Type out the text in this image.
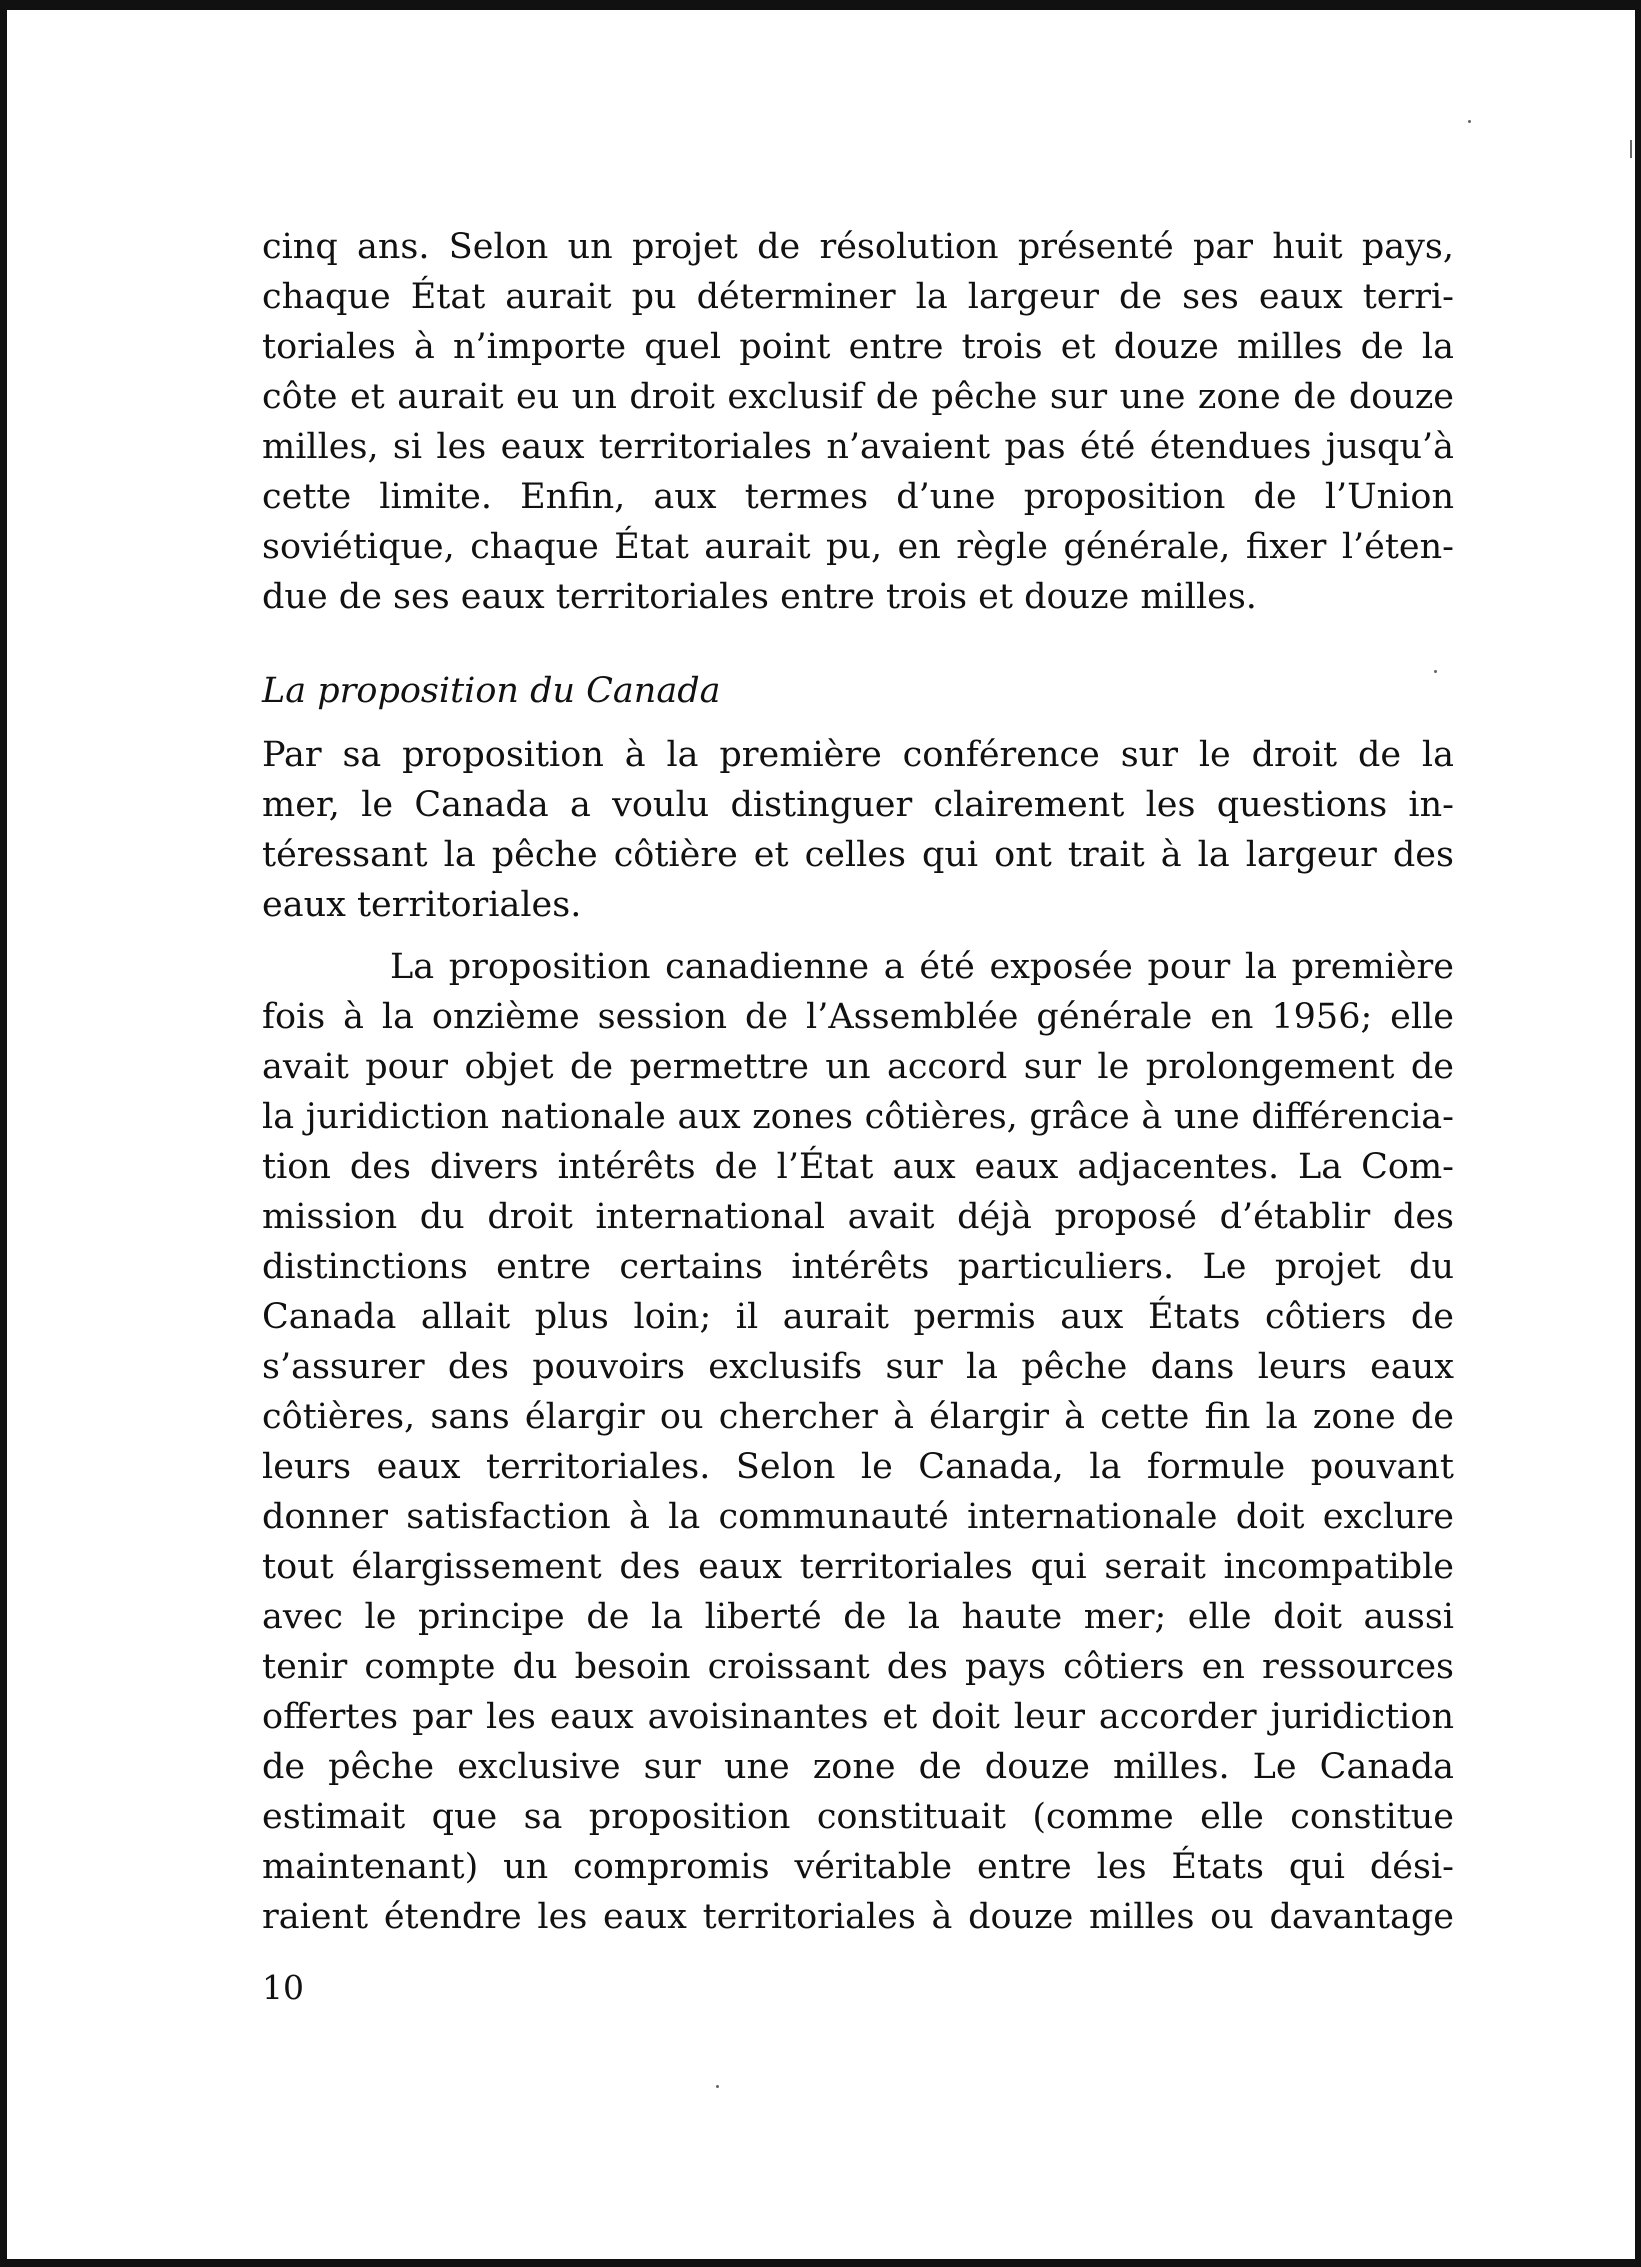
cinq ans. Selon un projet de résolution présenté par huit pays,
chaque État aurait pu déterminer la largeur de ses eaux terri-
toriales à n’importe quel point entre trois et douze milles de la
côte et aurait eu un droit exclusif de pêche sur une zone de douze
milles, si les eaux territoriales n’avaient pas été étendues jusqu’à
cette limite. Enfin, aux termes d’une proposition de l’Union
soviétique, chaque État aurait pu, en règle générale, fixer l’éten-
due de ses eaux territoriales entre trois et douze milles.
La proposition du Canada
Par sa proposition à la première conférence sur le droit de la
mer, le Canada a voulu distinguer clairement les questions in-
téressant la pêche côtière et celles qui ont trait à la largeur des
eaux territoriales.
La proposition canadienne a été exposée pour la première
fois à la onzième session de l’Assemblée générale en 1956; elle
avait pour objet de permettre un accord sur le prolongement de
la juridiction nationale aux zones côtières, grâce à une différencia-
tion des divers intérêts de l’État aux eaux adjacentes. La Com-
mission du droit international avait déjà proposé d’établir des
distinctions entre certains intérêts particuliers. Le projet du
Canada allait plus loin; il aurait permis aux États côtiers de
s’assurer des pouvoirs exclusifs sur la pêche dans leurs eaux
côtières, sans élargir ou chercher à élargir à cette fin la zone de
leurs eaux territoriales. Selon le Canada, la formule pouvant
donner satisfaction à la communauté internationale doit exclure
tout élargissement des eaux territoriales qui serait incompatible
avec le principe de la liberté de la haute mer; elle doit aussi
tenir compte du besoin croissant des pays côtiers en ressources
offertes par les eaux avoisinantes et doit leur accorder juridiction
de pêche exclusive sur une zone de douze milles. Le Canada
estimait que sa proposition constituait (comme elle constitue
maintenant) un compromis véritable entre les États qui dési-
raient étendre les eaux territoriales à douze milles ou davantage
10
